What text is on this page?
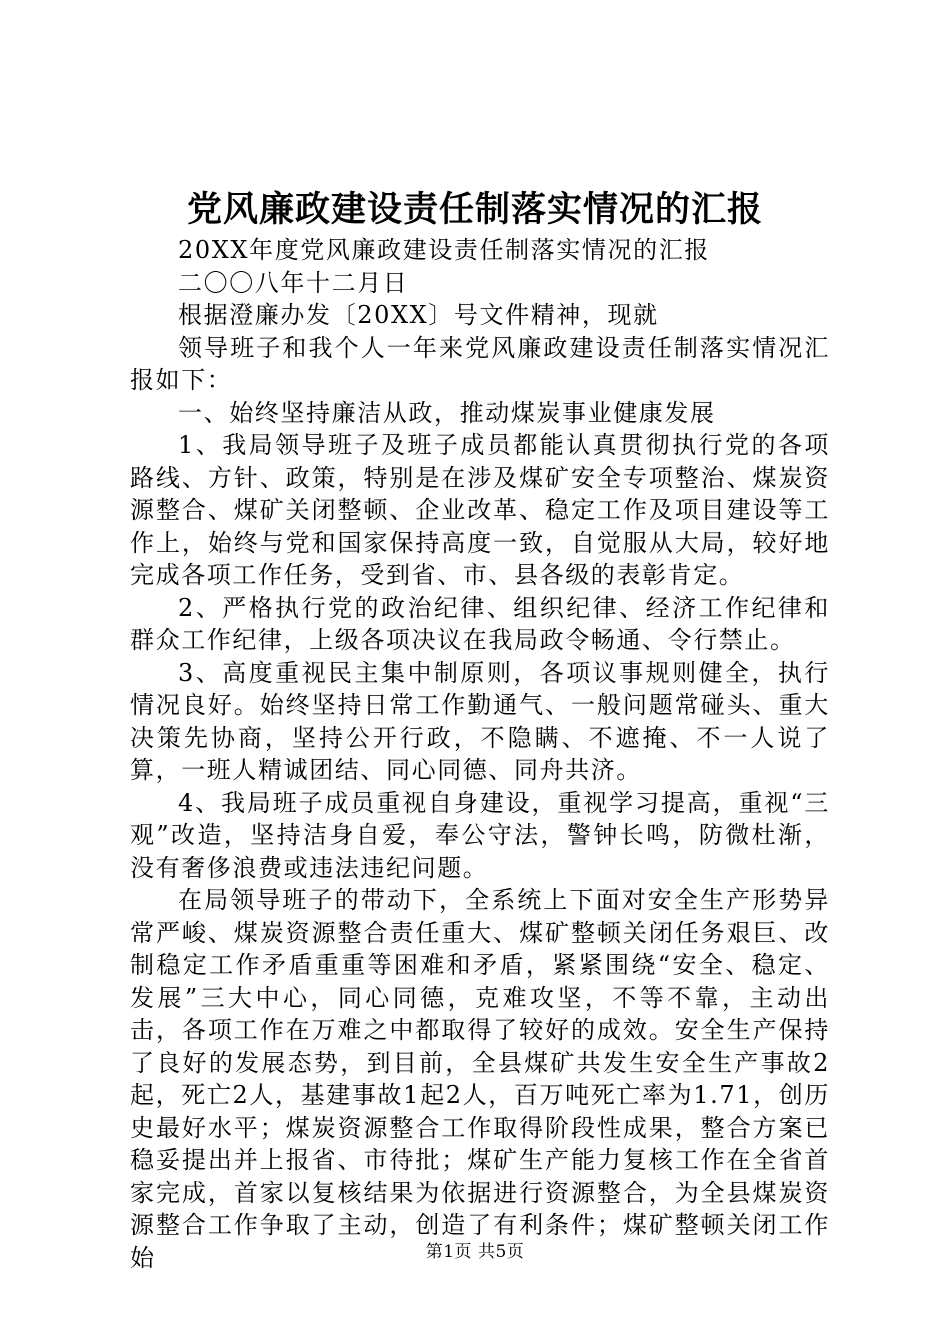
党风廉政建设责任制落实情况的汇报

20XX年度党风廉政建设责任制落实情况的汇报

二〇〇八年十二月日

根据澄廉办发〔20XX〕号文件精神，现就

领导班子和我个人一年来党风廉政建设责任制落实情况汇报如下：

一、始终坚持廉洁从政，推动煤炭事业健康发展

1、我局领导班子及班子成员都能认真贯彻执行党的各项路线、方针、政策，特别是在涉及煤矿安全专项整治、煤炭资源整合、煤矿关闭整顿、企业改革、稳定工作及项目建设等工作上，始终与党和国家保持高度一致，自觉服从大局，较好地完成各项工作任务，受到省、市、县各级的表彰肯定。

2、严格执行党的政治纪律、组织纪律、经济工作纪律和群众工作纪律，上级各项决议在我局政令畅通、令行禁止。

3、高度重视民主集中制原则，各项议事规则健全，执行情况良好。始终坚持日常工作勤通气、一般问题常碰头、重大决策先协商，坚持公开行政，不隐瞒、不遮掩、不一人说了算，一班人精诚团结、同心同德、同舟共济。

4、我局班子成员重视自身建设，重视学习提高，重视“三观”改造，坚持洁身自爱，奉公守法，警钟长鸣，防微杜渐，没有奢侈浪费或违法违纪问题。

在局领导班子的带动下，全系统上下面对安全生产形势异常严峻、煤炭资源整合责任重大、煤矿整顿关闭任务艰巨、改制稳定工作矛盾重重等困难和矛盾，紧紧围绕“安全、稳定、发展”三大中心，同心同德，克难攻坚，不等不靠，主动出击，各项工作在万难之中都取得了较好的成效。安全生产保持了良好的发展态势，到目前，全县煤矿共发生安全生产事故2起，死亡2人，基建事故1起2人，百万吨死亡率为1.71，创历史最好水平；煤炭资源整合工作取得阶段性成果，整合方案已稳妥提出并上报省、市待批；煤矿生产能力复核工作在全省首家完成，首家以复核结果为依据进行资源整合，为全县煤炭资源整合工作争取了主动，创造了有利条件；煤矿整顿关闭工作始	第1页 共5页
